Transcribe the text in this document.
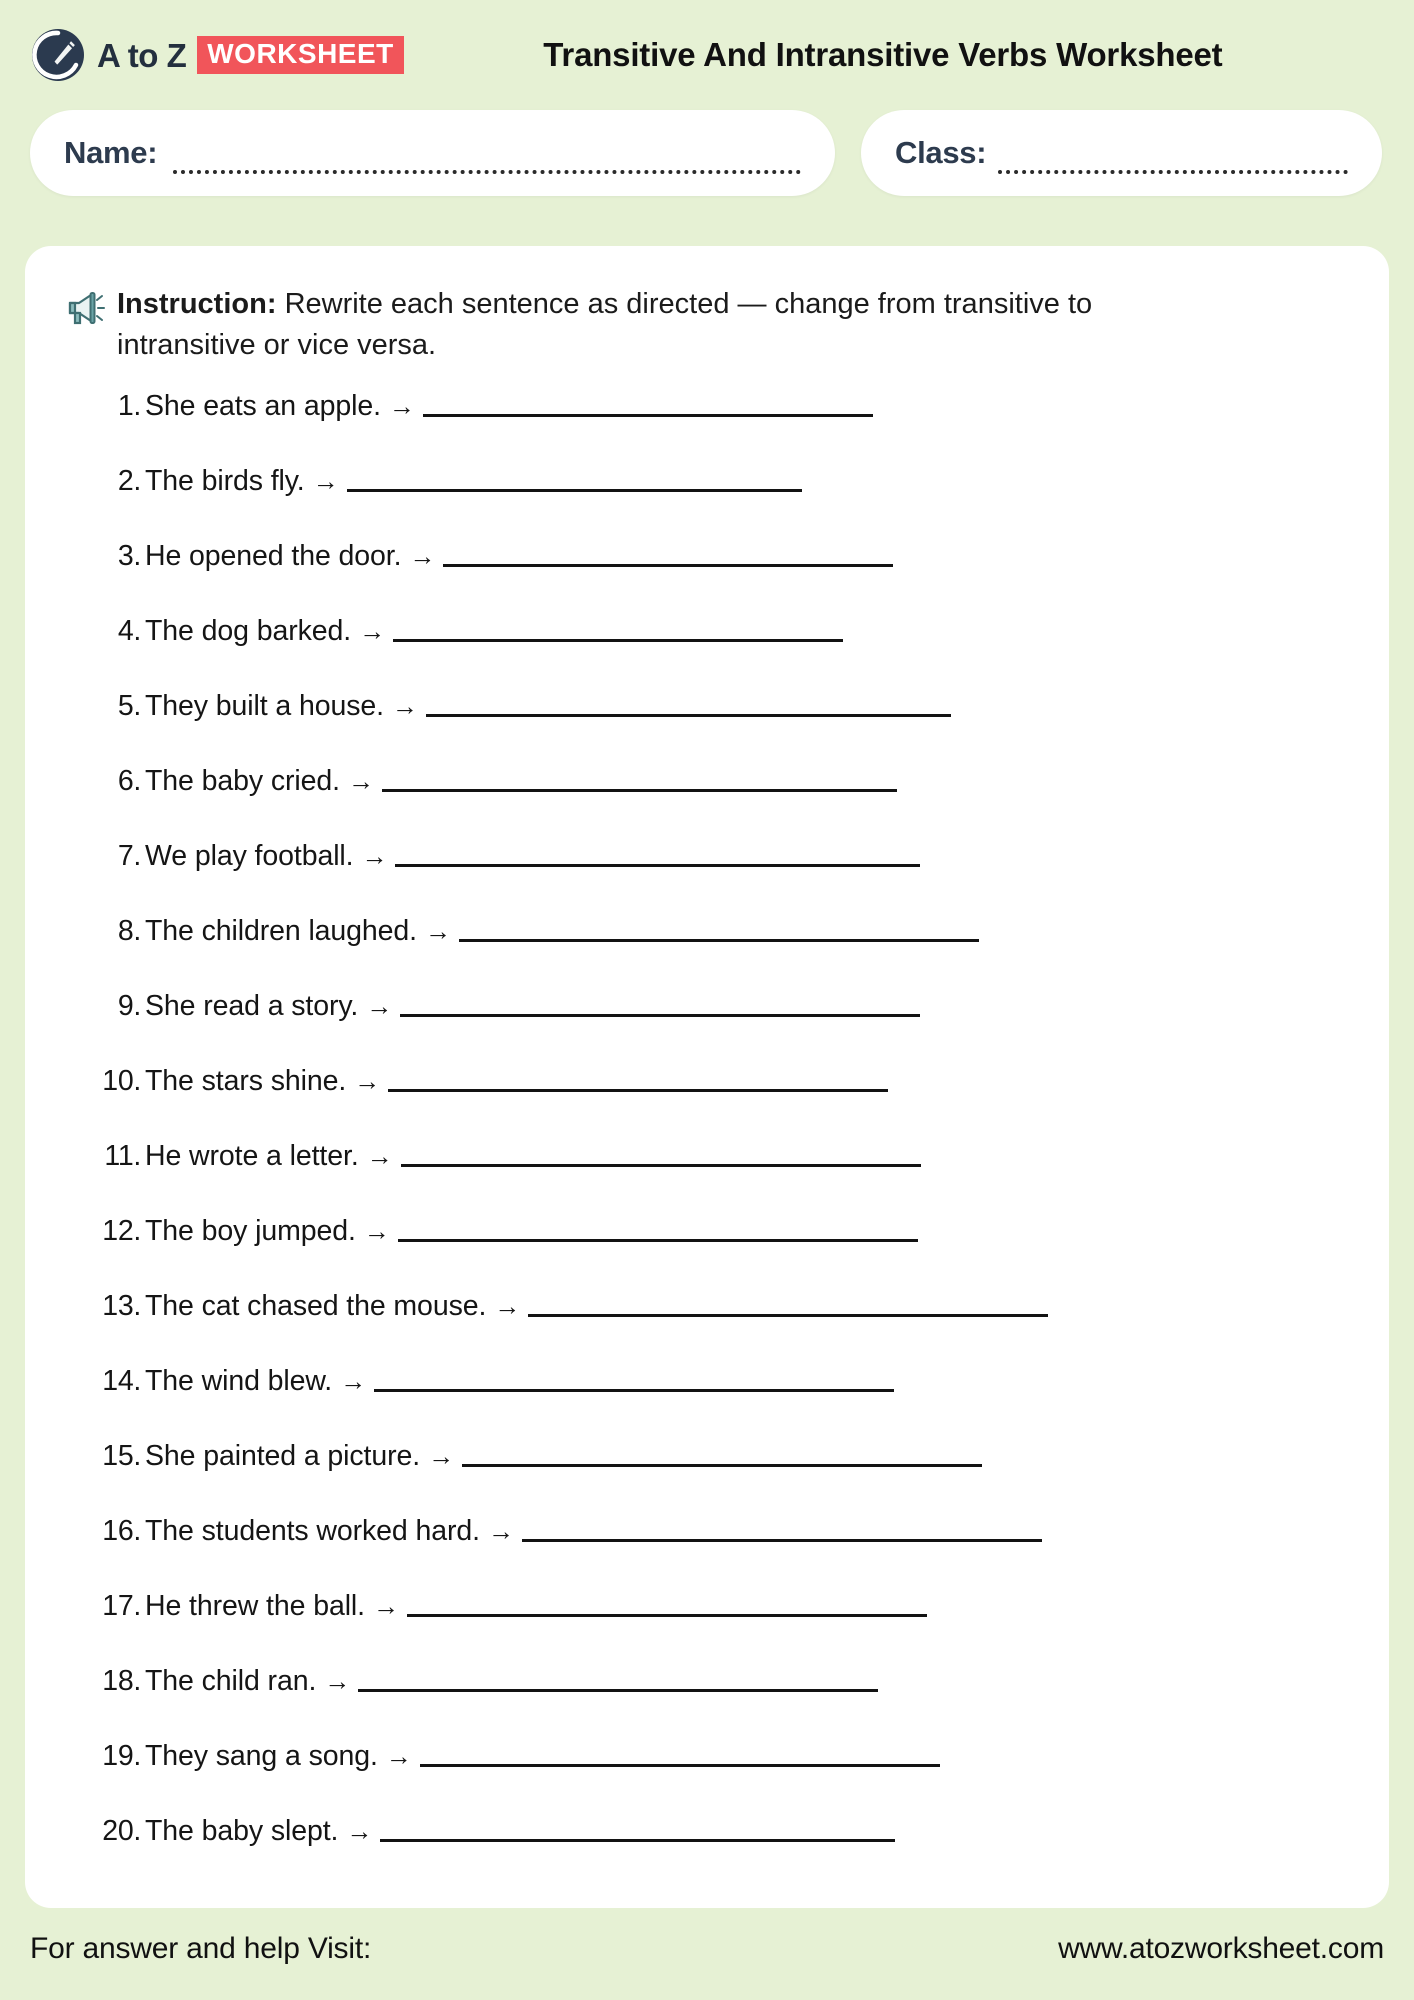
A to Z WORKSHEET	Transitive And Intransitive Verbs Worksheet
Name:	Class:
Instruction: Rewrite each sentence as directed — change from transitive to intransitive or vice versa.
1. She eats an apple. →
2. The birds fly. →
3. He opened the door. →
4. The dog barked. →
5. They built a house. →
6. The baby cried. →
7. We play football. →
8. The children laughed. →
9. She read a story. →
10. The stars shine. →
11. He wrote a letter. →
12. The boy jumped. →
13. The cat chased the mouse. →
14. The wind blew. →
15. She painted a picture. →
16. The students worked hard. →
17. He threw the ball. →
18. The child ran. →
19. They sang a song. →
20. The baby slept. →
For answer and help Visit:	www.atozworksheet.com
